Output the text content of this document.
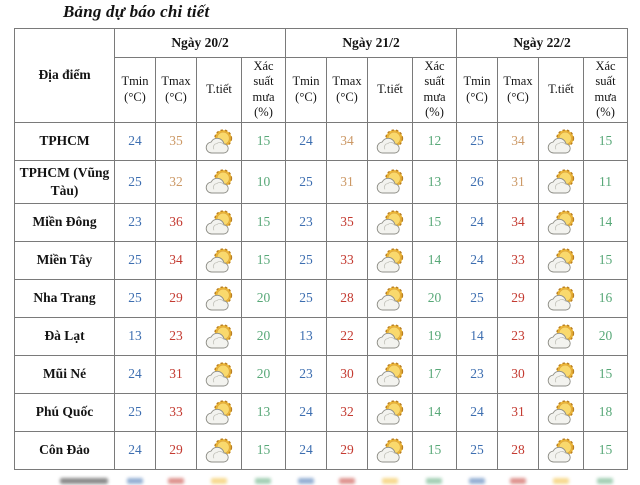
Bảng dự báo chi tiết
Địa điểm	Ngày 20/2				Ngày 21/2				Ngày 22/2			
	Tmin (°C)	Tmax (°C)	T.tiết	Xác suất mưa (%)	Tmin (°C)	Tmax (°C)	T.tiết	Xác suất mưa (%)	Tmin (°C)	Tmax (°C)	T.tiết	Xác suất mưa (%)
TPHCM	24	35		15	24	34		12	25	34		15
TPHCM (Vũng Tàu)	25	32		10	25	31		13	26	31		11
Miền Đông	23	36		15	23	35		15	24	34		14
Miền Tây	25	34		15	25	33		14	24	33		15
Nha Trang	25	29		20	25	28		20	25	29		16
Đà Lạt	13	23		20	13	22		19	14	23		20
Mũi Né	24	31		20	23	30		17	23	30		15
Phú Quốc	25	33		13	24	32		14	24	31		18
Côn Đảo	24	29		15	24	29		15	25	28		15
